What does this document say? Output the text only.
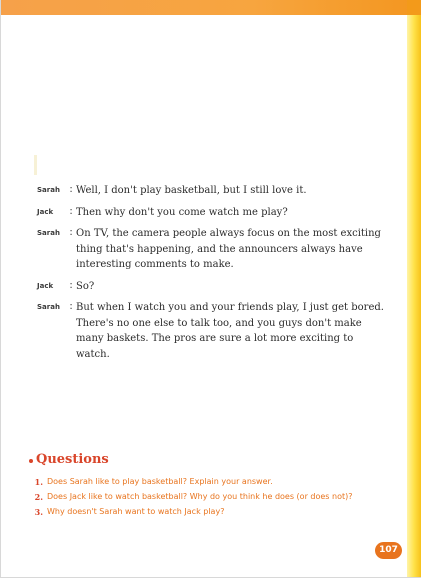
Sarah : Well, I don't play basketball, but I still love it.
Jack	: Then why don't you come watch me play?
Sarah : On TV, the camera people always focus on the most exciting thing that's happening, and the announcers always have interesting comments to make.
Jack	: So?
Sarah : But when I watch you and your friends play, I just get bored. There's no one else to talk too, and you guys don't make many baskets. The pros are sure a lot more exciting to watch.
Questions
1. Does Sarah like to play basketball? Explain your answer.
2. Does Jack like to watch basketball? Why do you think he does (or does not)?
3. Why doesn't Sarah want to watch Jack play?
107
